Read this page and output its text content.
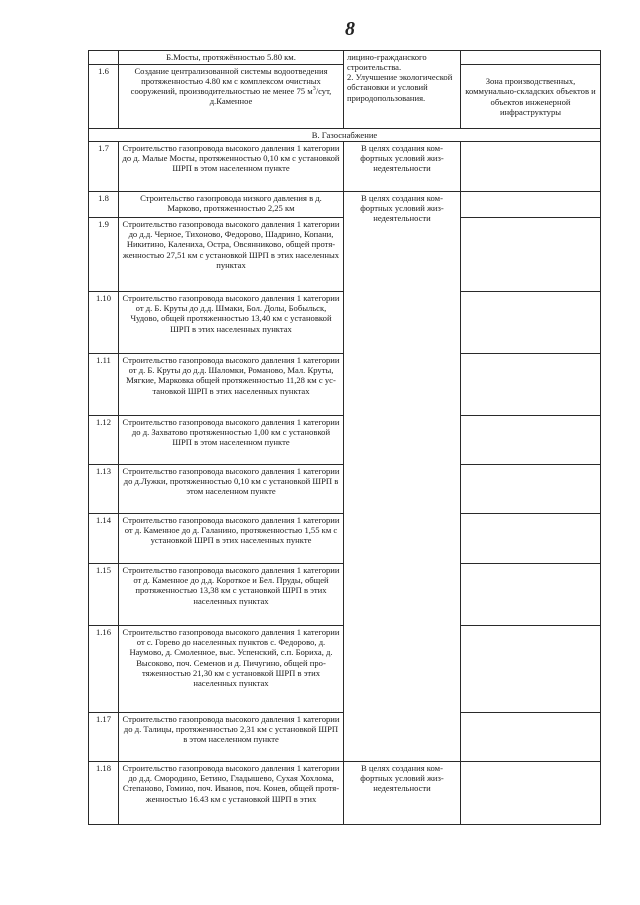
8
	Б.Мосты, протяжённостью 5.80 км.	лицино-гражданского строительства.
2. Улучшение экологической обстановки и условий природопользования.	
1.6	Создание централизованной системы водоотведения протяженностью 4.80 км с комплексом очистных сооружений, производительностью не менее 75 $м^3$/сут, д.Каменное		Зона производственных, коммунально-складских объектов и объектов инженерной инфраструктуры
В. Газоснабжение			
1.7	Строительство газопровода высокого давления 1 категории до д. Малые Мосты, протяженностью 0,10 км с установкой ШРП в этом населенном пункте	В целях создания комфортных условий жизнедеятельности	
1.8	Строительство газопровода низкого давления в д. Марково, протяженностью 2,25 км	В целях создания комфортных условий жизнедеятельности	
1.9	Строительство газопровода высокого давления 1 категории до д.д. Черное, Тихоново, Федорово, Шадрино, Копани, Никитино, Калениха, Остра, Овсянниково, общей протяженностью 27,51 км с установкой ШРП в этих населенных пунктах		
1.10	Строительство газопровода высокого давления 1 категории от д. Б. Круты до д.д. Шмаки, Бол. Долы, Бобыльск, Чудово, общей протяженностью 13,40 км с установкой ШРП в этих населенных пунктах		
1.11	Строительство газопровода высокого давления 1 категории от д. Б. Круты до д.д. Шаломки, Романово, Мал. Круты, Мягкие, Марковка общей протяженностью 11,28 км с установкой ШРП в этих населенных пунктах		
1.12	Строительство газопровода высокого давления 1 категории до д. Захватово протяженностью 1,00 км с установкой ШРП в этом населенном пункте		
1.13	Строительство газопровода высокого давления 1 категории до д.Лужки, протяженностью 0,10 км с установкой ШРП в этом населенном пункте		
1.14	Строительство газопровода высокого давления 1 категории от д. Каменное до д. Галанино, протяженностью 1,55 км с установкой ШРП в этих населенных пункте		
1.15	Строительство газопровода высокого давления 1 категории от д. Каменное до д.д. Короткое и Бел. Пруды, общей протяженностью 13,38 км с установкой ШРП в этих населенных пунктах		
1.16	Строительство газопровода высокого давления 1 категории от с. Горево до населенных пунктов с. Федорово, д. Наумово, д. Смоленное, выс. Успенский, с.п. Бориха, д. Высоково, поч. Семенов и д. Пичугино, общей протяженностью 21,30 км с установкой ШРП в этих населенных пунктах		
1.17	Строительство газопровода высокого давления 1 категории до д. Талицы, протяженностью 2,31 км с установкой ШРП в этом населенном пункте		
1.18	Строительство газопровода высокого давления 1 категории до д.д. Смородино, Бетино, Гладышево, Сухая Хохлома, Степаново, Гомино, поч. Иванов, поч. Конев, общей протяженностью 16.43 км с установкой ШРП в этих	В целях создания комфортных условий жизнедеятельности	
